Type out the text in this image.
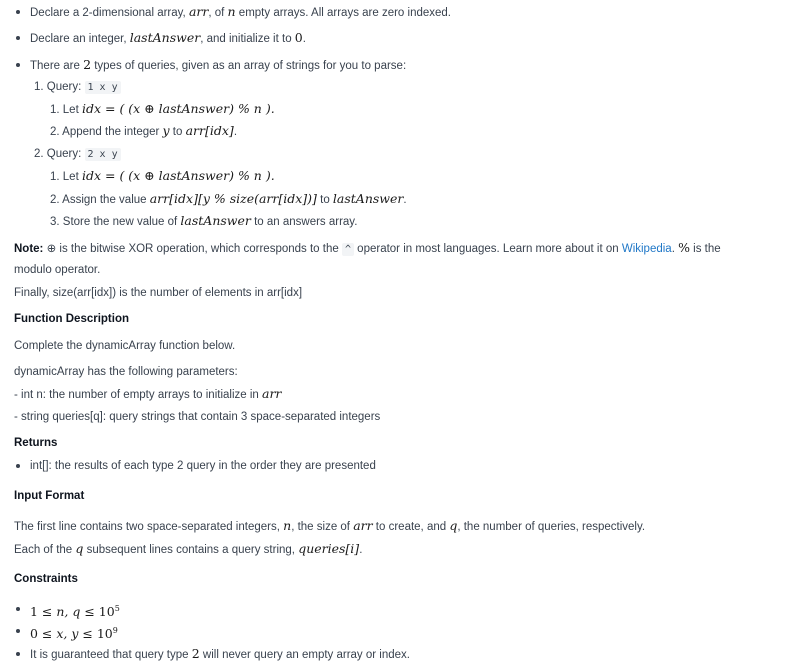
Declare a 2-dimensional array, arr, of n empty arrays. All arrays are zero indexed.
Declare an integer, lastAnswer, and initialize it to 0.
There are 2 types of queries, given as an array of strings for you to parse:
1. Query: 1 x y
1. Let idx = ( (x ⊕ lastAnswer) % n ).
2. Append the integer y to arr[idx].
2. Query: 2 x y
1. Let idx = ( (x ⊕ lastAnswer) % n ).
2. Assign the value arr[idx][y % size(arr[idx])] to lastAnswer.
3. Store the new value of lastAnswer to an answers array.
Note: ⊕ is the bitwise XOR operation, which corresponds to the ^ operator in most languages. Learn more about it on Wikipedia. % is the
modulo operator.
Finally, size(arr[idx]) is the number of elements in arr[idx]
Function Description
Complete the dynamicArray function below.
dynamicArray has the following parameters:
- int n: the number of empty arrays to initialize in arr
- string queries[q]: query strings that contain 3 space-separated integers
Returns
int[]: the results of each type 2 query in the order they are presented
Input Format
The first line contains two space-separated integers, n, the size of arr to create, and q, the number of queries, respectively.
Each of the q subsequent lines contains a query string, queries[i].
Constraints
1 ≤ n, $q \le 10^5$
0 ≤ x, $y \le 10^9$
It is guaranteed that query type 2 will never query an empty array or index.
